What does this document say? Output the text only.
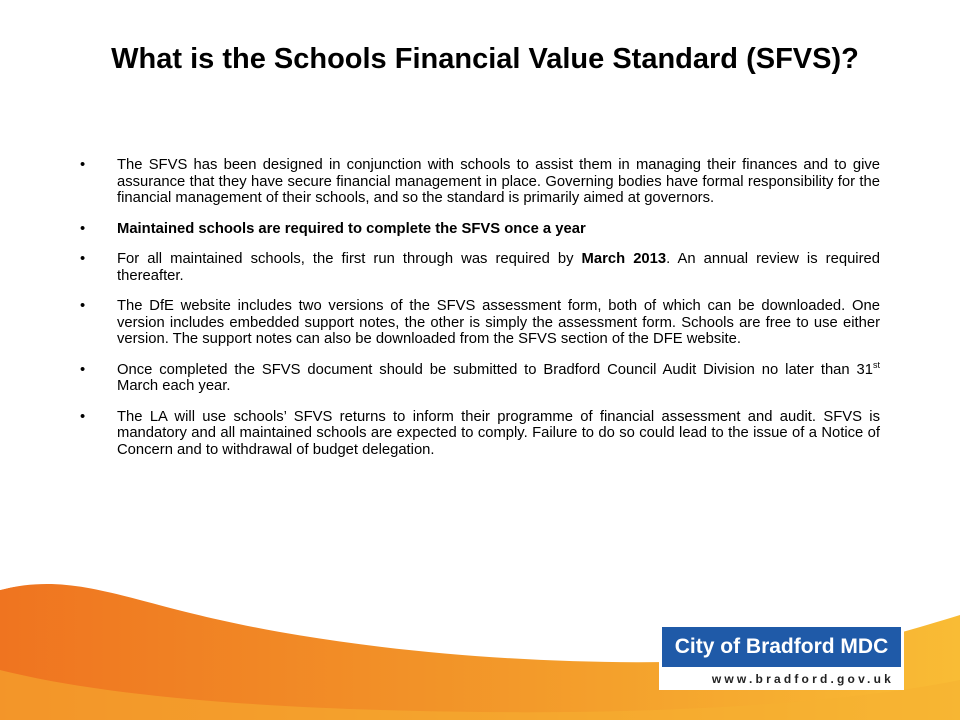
What is the Schools Financial Value Standard (SFVS)?
• The SFVS has been designed in conjunction with schools to assist them in managing their finances and to give assurance that they have secure financial management in place. Governing bodies have formal responsibility for the financial management of their schools, and so the standard is primarily aimed at governors.
• Maintained schools are required to complete the SFVS once a year
• For all maintained schools, the first run through was required by March 2013. An annual review is required thereafter.
• The DfE website includes two versions of the SFVS assessment form, both of which can be downloaded. One version includes embedded support notes, the other is simply the assessment form. Schools are free to use either version. The support notes can also be downloaded from the SFVS section of the DFE website.
• Once completed the SFVS document should be submitted to Bradford Council Audit Division no later than 31st March each year.
• The LA will use schools’ SFVS returns to inform their programme of financial assessment and audit. SFVS is mandatory and all maintained schools are expected to comply. Failure to do so could lead to the issue of a Notice of Concern and to withdrawal of budget delegation.
City of Bradford MDC
www.bradford.gov.uk
